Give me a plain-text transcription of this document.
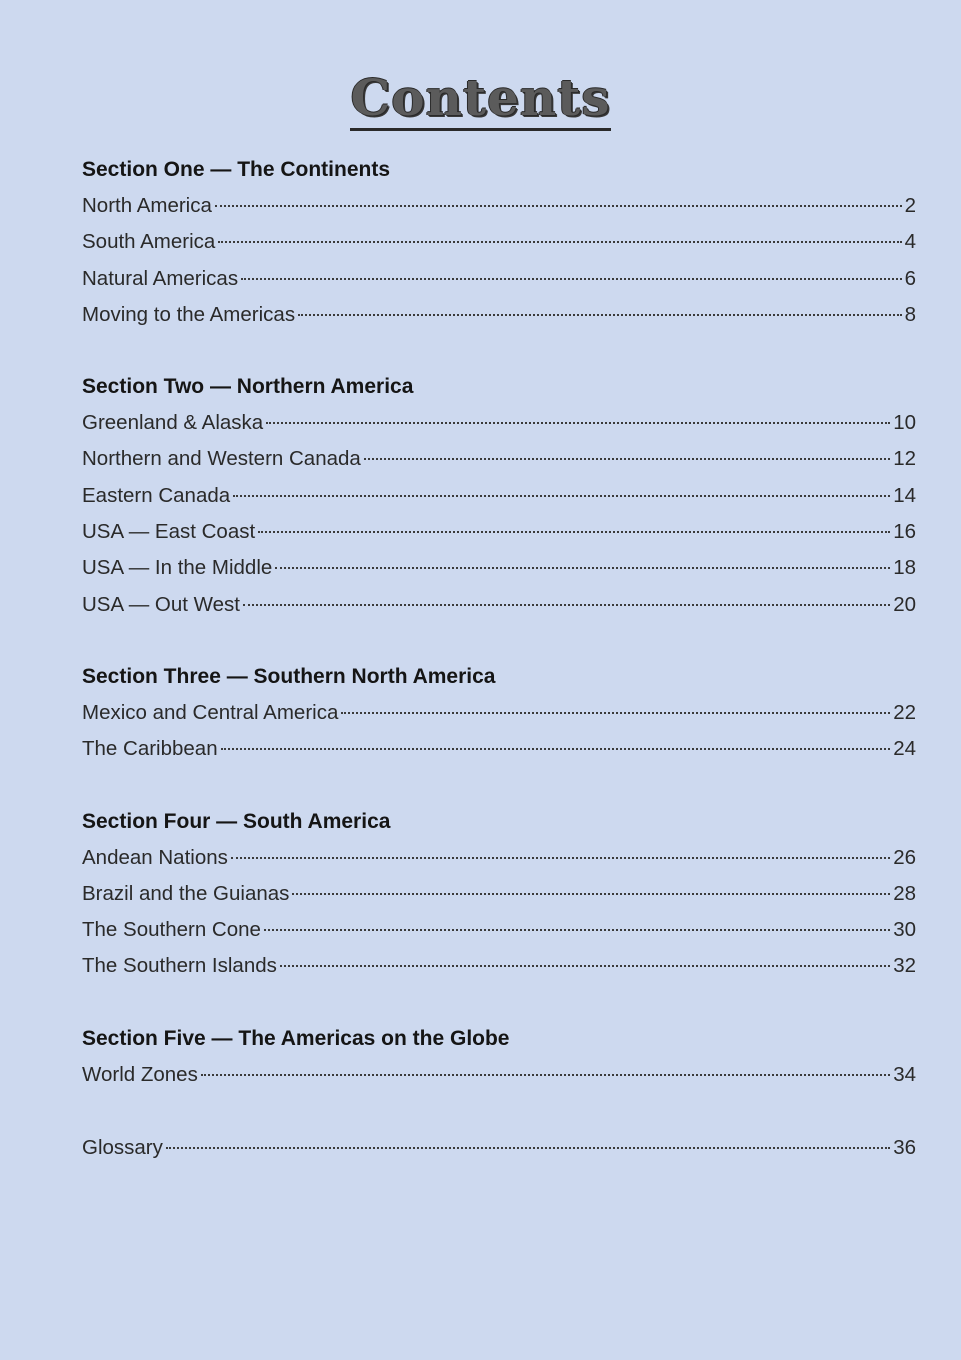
Contents
Section One — The Continents
North America	2
South America	4
Natural Americas	6
Moving to the Americas	8
Section Two — Northern America
Greenland & Alaska	10
Northern and Western Canada	12
Eastern Canada	14
USA — East Coast	16
USA — In the Middle	18
USA — Out West	20
Section Three — Southern North America
Mexico and Central America	22
The Caribbean	24
Section Four — South America
Andean Nations	26
Brazil and the Guianas	28
The Southern Cone	30
The Southern Islands	32
Section Five — The Americas on the Globe
World Zones	34
Glossary	36
